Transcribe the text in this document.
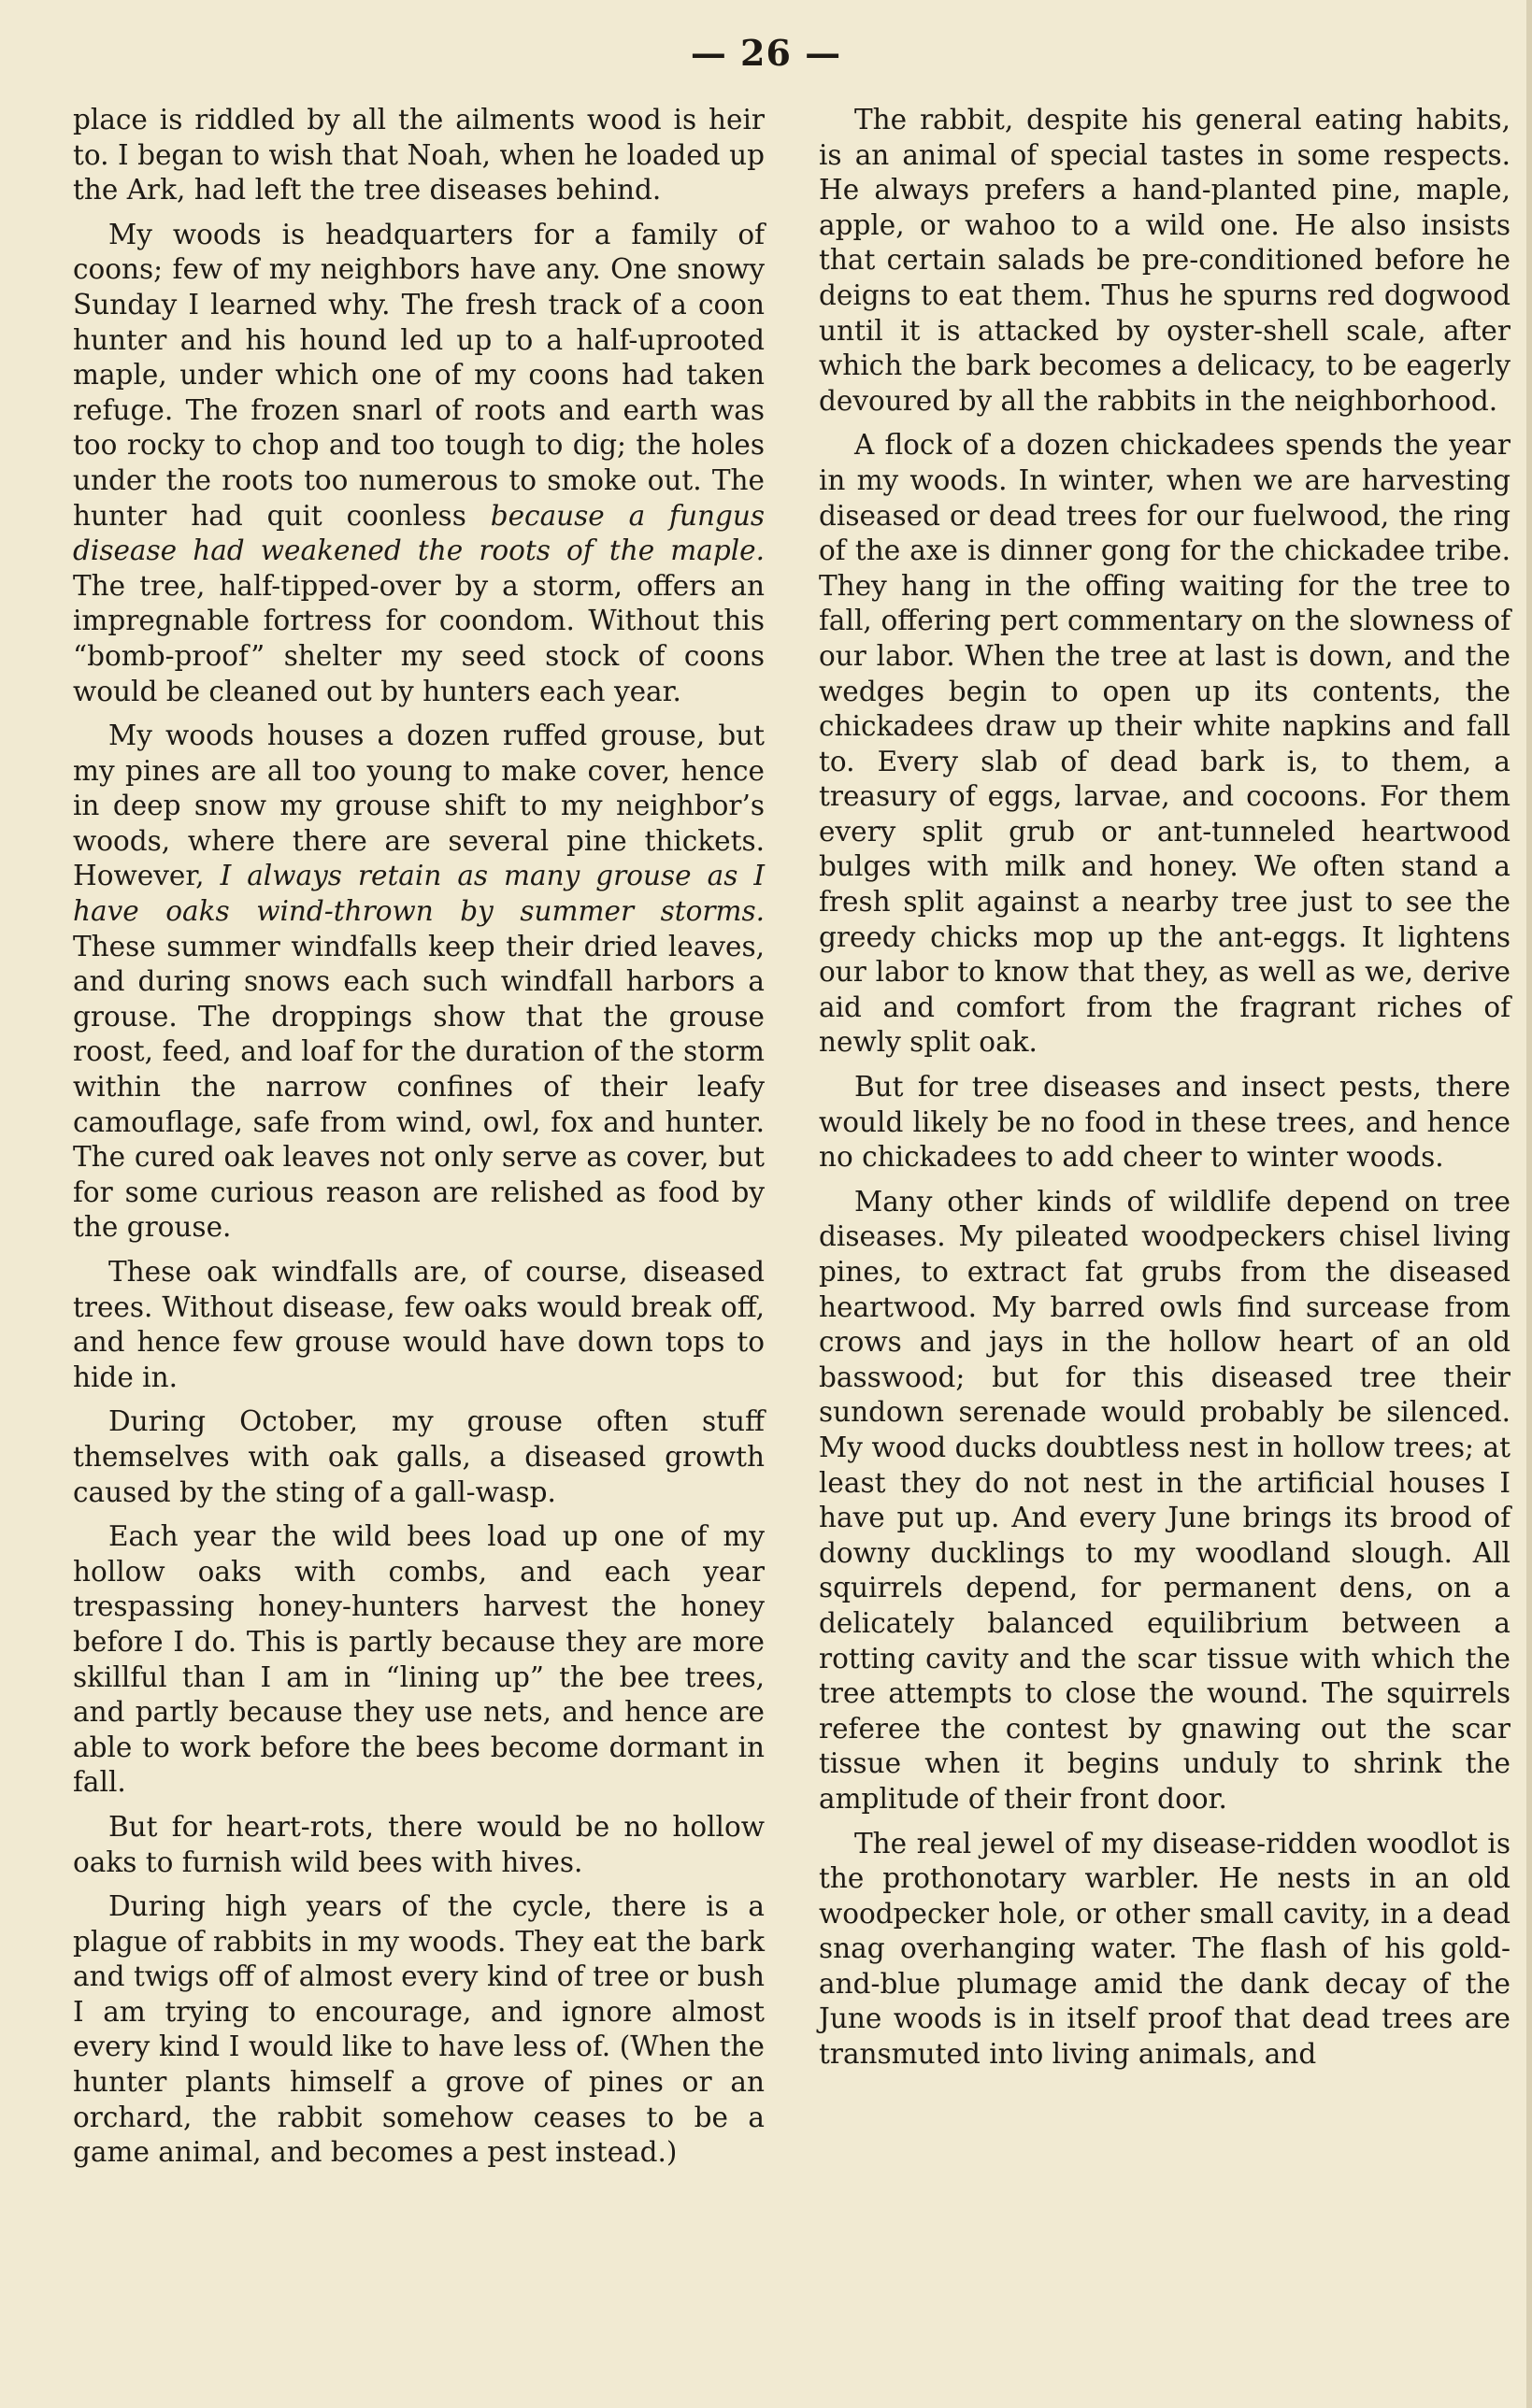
— 26 —

place is riddled by all the ailments wood is heir to. I began to wish that Noah, when he loaded up the Ark, had left the tree diseases behind.

My woods is headquarters for a family of coons; few of my neighbors have any. One snowy Sunday I learned why. The fresh track of a coon hunter and his hound led up to a half-uprooted maple, under which one of my coons had taken refuge. The frozen snarl of roots and earth was too rocky to chop and too tough to dig; the holes under the roots too numerous to smoke out. The hunter had quit coonless because a fungus disease had weakened the roots of the maple. The tree, half-tipped-over by a storm, offers an impregnable fortress for coondom. Without this “bomb-proof” shelter my seed stock of coons would be cleaned out by hunters each year.

My woods houses a dozen ruffed grouse, but my pines are all too young to make cover, hence in deep snow my grouse shift to my neighbor’s woods, where there are several pine thickets. However, I always retain as many grouse as I have oaks wind-thrown by summer storms. These summer windfalls keep their dried leaves, and during snows each such windfall harbors a grouse. The droppings show that the grouse roost, feed, and loaf for the duration of the storm within the narrow confines of their leafy camouflage, safe from wind, owl, fox and hunter. The cured oak leaves not only serve as cover, but for some curious reason are relished as food by the grouse.

These oak windfalls are, of course, diseased trees. Without disease, few oaks would break off, and hence few grouse would have down tops to hide in.

During October, my grouse often stuff themselves with oak galls, a diseased growth caused by the sting of a gall-wasp.

Each year the wild bees load up one of my hollow oaks with combs, and each year trespassing honey-hunters harvest the honey before I do. This is partly because they are more skillful than I am in “lining up” the bee trees, and partly because they use nets, and hence are able to work before the bees become dormant in fall.

But for heart-rots, there would be no hollow oaks to furnish wild bees with hives.

During high years of the cycle, there is a plague of rabbits in my woods. They eat the bark and twigs off of almost every kind of tree or bush I am trying to encourage, and ignore almost every kind I would like to have less of. (When the hunter plants himself a grove of pines or an orchard, the rabbit somehow ceases to be a game animal, and becomes a pest instead.)

The rabbit, despite his general eating habits, is an animal of special tastes in some respects. He always prefers a hand-planted pine, maple, apple, or wahoo to a wild one. He also insists that certain salads be pre-conditioned before he deigns to eat them. Thus he spurns red dogwood until it is attacked by oyster-shell scale, after which the bark becomes a delicacy, to be eagerly devoured by all the rabbits in the neighborhood.

A flock of a dozen chickadees spends the year in my woods. In winter, when we are harvesting diseased or dead trees for our fuelwood, the ring of the axe is dinner gong for the chickadee tribe. They hang in the offing waiting for the tree to fall, offering pert commentary on the slowness of our labor. When the tree at last is down, and the wedges begin to open up its contents, the chickadees draw up their white napkins and fall to. Every slab of dead bark is, to them, a treasury of eggs, larvae, and cocoons. For them every split grub or ant-tunneled heartwood bulges with milk and honey. We often stand a fresh split against a nearby tree just to see the greedy chicks mop up the ant-eggs. It lightens our labor to know that they, as well as we, derive aid and comfort from the fragrant riches of newly split oak.

But for tree diseases and insect pests, there would likely be no food in these trees, and hence no chickadees to add cheer to winter woods.

Many other kinds of wildlife depend on tree diseases. My pileated woodpeckers chisel living pines, to extract fat grubs from the diseased heartwood. My barred owls find surcease from crows and jays in the hollow heart of an old basswood; but for this diseased tree their sundown serenade would probably be silenced. My wood ducks doubtless nest in hollow trees; at least they do not nest in the artificial houses I have put up. And every June brings its brood of downy ducklings to my woodland slough. All squirrels depend, for permanent dens, on a delicately balanced equilibrium between a rotting cavity and the scar tissue with which the tree attempts to close the wound. The squirrels referee the contest by gnawing out the scar tissue when it begins unduly to shrink the amplitude of their front door.

The real jewel of my disease-ridden woodlot is the prothonotary warbler. He nests in an old woodpecker hole, or other small cavity, in a dead snag overhanging water. The flash of his gold-and-blue plumage amid the dank decay of the June woods is in itself proof that dead trees are transmuted into living animals, and
